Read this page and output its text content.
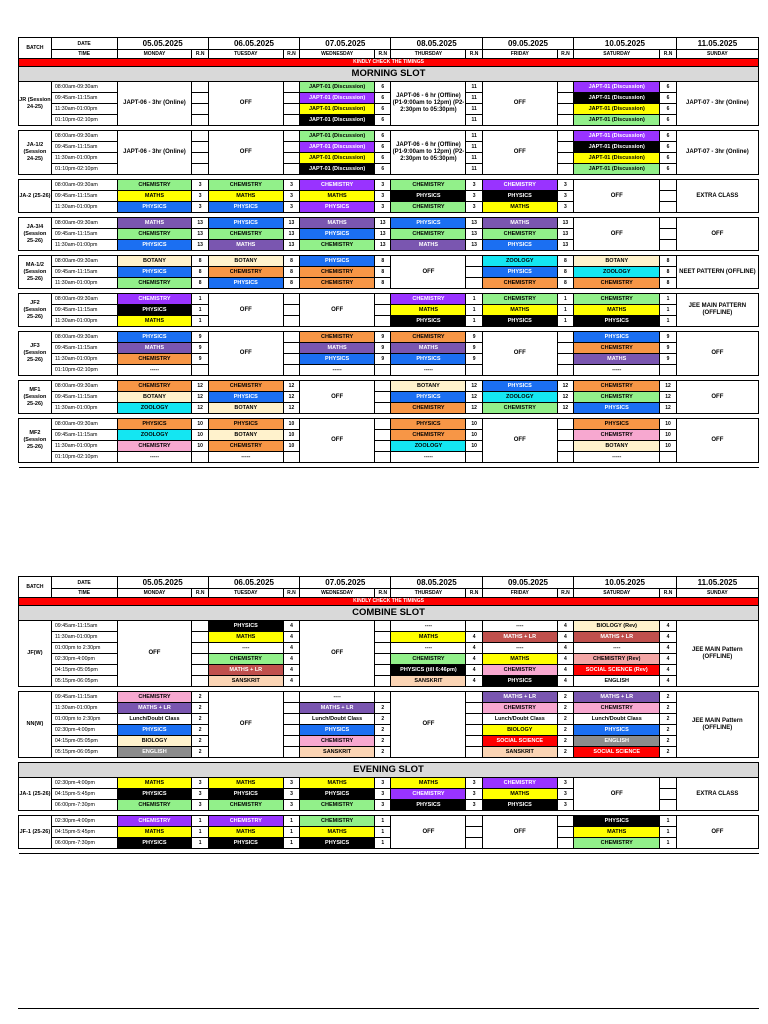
BATCH	DATE	05.05.2025		06.05.2025		07.05.2025		08.05.2025		09.05.2025		10.05.2025		11.05.2025
	TIME	MONDAY	R.N	TUESDAY	R.N	WEDNESDAY	R.N	THURSDAY	R.N	FRIDAY	R.N	SATURDAY	R.N	SUNDAY
KINDLY CHECK THE TIMINGS														
MORNING SLOT														
JR (Session 24-25)	08:00am-09:30am	JAPT-06 - 3hr (Online)		OFF		JAPT-01 (Discussion)	6	JAPT-06 - 6 hr (Offline) (P1-9:00am to 12pm) (P2-2:30pm to 05:30pm)	11	OFF		JAPT-01 (Discussion)	6	JAPT-07 - 3hr (Online)
	09:45am-11:15am					JAPT-01 (Discussion)	6		11			JAPT-01 (Discussion)	6	
	11:30am-01:00pm					JAPT-01 (Discussion)	6		11			JAPT-01 (Discussion)	6	
	01:10pm-02:10pm					JAPT-01 (Discussion)	6		11			JAPT-01 (Discussion)	6	

JA-1/2 (Session 24-25)	08:00am-09:30am	JAPT-06 - 3hr (Online)		OFF		JAPT-01 (Discussion)	6	JAPT-06 - 6 hr (Offline) (P1-9:00am to 12pm) (P2-2:30pm to 05:30pm)	11	OFF		JAPT-01 (Discussion)	6	JAPT-07 - 3hr (Online)
	09:45am-11:15am					JAPT-01 (Discussion)	6		11			JAPT-01 (Discussion)	6	
	11:30am-01:00pm					JAPT-01 (Discussion)	6		11			JAPT-01 (Discussion)	6	
	01:10pm-02:10pm					JAPT-01 (Discussion)	6		11			JAPT-01 (Discussion)	6	

JA-2 (25-26)	08:00am-09:30am	CHEMISTRY	3	CHEMISTRY	3	CHEMISTRY	3	CHEMISTRY	3	CHEMISTRY	3	OFF		EXTRA CLASS
	09:45am-11:15am	MATHS	3	MATHS	3	MATHS	3	PHYSICS	3	PHYSICS	3			
	11:30am-01:00pm	PHYSICS	3	PHYSICS	3	PHYSICS	3	CHEMISTRY	3	MATHS	3			

JA-3/4 (Session 25-26)	08:00am-09:30am	MATHS	13	PHYSICS	13	MATHS	13	PHYSICS	13	MATHS	13	OFF		OFF
	09:45am-11:15am	CHEMISTRY	13	CHEMISTRY	13	PHYSICS	13	CHEMISTRY	13	CHEMISTRY	13			
	11:30am-01:00pm	PHYSICS	13	MATHS	13	CHEMISTRY	13	MATHS	13	PHYSICS	13			

MA-1/2 (Session 25-26)	08:00am-09:30am	BOTANY	8	BOTANY	8	PHYSICS	8	OFF		ZOOLOGY	8	BOTANY	8	NEET PATTERN (OFFLINE)
	09:45am-11:15am	PHYSICS	8	CHEMISTRY	8	CHEMISTRY	8			PHYSICS	8	ZOOLOGY	8	
	11:30am-01:00pm	CHEMISTRY	8	PHYSICS	8	CHEMISTRY	8			CHEMISTRY	8	CHEMISTRY	8	

JF2 (Session 25-26)	08:00am-09:30am	CHEMISTRY	1	OFF		OFF		CHEMISTRY	1	CHEMISTRY	1	CHEMISTRY	1	JEE MAIN PATTERN (OFFLINE)
	09:45am-11:15am	PHYSICS	1					MATHS	1	MATHS	1	MATHS	1	
	11:30am-01:00pm	MATHS	1					PHYSICS	1	PHYSICS	1	PHYSICS	1	

JF3 (Session 25-26)	08:00am-09:30am	PHYSICS	9	OFF		CHEMISTRY	9	CHEMISTRY	9	OFF		PHYSICS	9	OFF
	09:45am-11:15am	MATHS	9			MATHS	9	MATHS	9			CHEMISTRY	9	
	11:30am-01:00pm	CHEMISTRY	9			PHYSICS	9	PHYSICS	9			MATHS	9	
	01:10pm-02:10pm	-----				-----		-----				-----		

MF1 (Session 25-26)	08:00am-09:30am	CHEMISTRY	12	CHEMISTRY	12	OFF		BOTANY	12	PHYSICS	12	CHEMISTRY	12	OFF
	09:45am-11:15am	BOTANY	12	PHYSICS	12			PHYSICS	12	ZOOLOGY	12	CHEMISTRY	12	
	11:30am-01:00pm	ZOOLOGY	12	BOTANY	12			CHEMISTRY	12	CHEMISTRY	12	PHYSICS	12	

MF2 (Session 25-26)	08:00am-09:30am	PHYSICS	10	PHYSICS	10	OFF		PHYSICS	10	OFF		PHYSICS	10	OFF
	09:45am-11:15am	ZOOLOGY	10	BOTANY	10			CHEMISTRY	10			CHEMISTRY	10	
	11:30am-01:00pm	CHEMISTRY	10	CHEMISTRY	10			ZOOLOGY	10			BOTANY	10	
	01:10pm-02:10pm	-----		-----				-----				-----		

BATCH	DATE	05.05.2025		06.05.2025		07.05.2025		08.05.2025		09.05.2025		10.05.2025		11.05.2025
	TIME	MONDAY	R.N	TUESDAY	R.N	WEDNESDAY	R.N	THURSDAY	R.N	FRIDAY	R.N	SATURDAY	R.N	SUNDAY
KINDLY CHECK THE TIMINGS														
COMBINE SLOT														
JF(W)	09:45am-11:15am	OFF		PHYSICS	4	OFF		----		----	4	BIOLOGY (Rev)	4	JEE MAIN Pattern (OFFLINE)
	11:30am-01:00pm			MATHS	4			MATHS	4	MATHS + LR	4	MATHS + LR	4	
	01:00pm to 2:30pm			----	4			----	4	----	4	----	4	
	02:30pm-4:00pm			CHEMISTRY	4			CHEMISTRY	4	MATHS	4	CHEMISTRY (Rev)	4	
	04:15pm-05:05pm			MATHS + LR	4			PHYSICS (till 6:46pm)	4	CHEMISTRY	4	SOCIAL SCIENCE (Rev)	4	
	05:15pm-06:05pm			SANSKRIT	4			SANSKRIT	4	PHYSICS	4	ENGLISH	4	

NN(W)	09:45am-11:15am	CHEMISTRY	2	OFF		----		OFF		MATHS + LR	2	MATHS + LR	2	JEE MAIN Pattern (OFFLINE)
	11:30am-01:00pm	MATHS + LR	2			MATHS + LR	2			CHEMISTRY	2	CHEMISTRY	2	
	01:00pm to 2:30pm	Lunch/Doubt Class	2			Lunch/Doubt Class	2			Lunch/Doubt Class	2	Lunch/Doubt Class	2	
	02:30pm-4:00pm	PHYSICS	2			PHYSICS	2			BIOLOGY	2	PHYSICS	2	
	04:15pm-05:05pm	BIOLOGY	2			CHEMISTRY	2			SOCIAL SCIENCE	2	ENGLISH	2	
	05:15pm-06:05pm	ENGLISH	2			SANSKRIT	2			SANSKRIT	2	SOCIAL SCIENCE	2	

EVENING SLOT														
JA-1 (25-26)	02:30pm-4:00pm	MATHS	3	MATHS	3	MATHS	3	MATHS	3	CHEMISTRY	3	OFF		EXTRA CLASS
	04:15pm-5:45pm	PHYSICS	3	PHYSICS	3	PHYSICS	3	CHEMISTRY	3	MATHS	3			
	06:00pm-7:30pm	CHEMISTRY	3	CHEMISTRY	3	CHEMISTRY	3	PHYSICS	3	PHYSICS	3			

JF-1 (25-26)	02:30pm-4:00pm	CHEMISTRY	1	CHEMISTRY	1	CHEMISTRY	1	OFF		OFF		PHYSICS	1	OFF
	04:15pm-5:45pm	MATHS	1	MATHS	1	MATHS	1					MATHS	1	
	06:00pm-7:30pm	PHYSICS	1	PHYSICS	1	PHYSICS	1					CHEMISTRY	1	
